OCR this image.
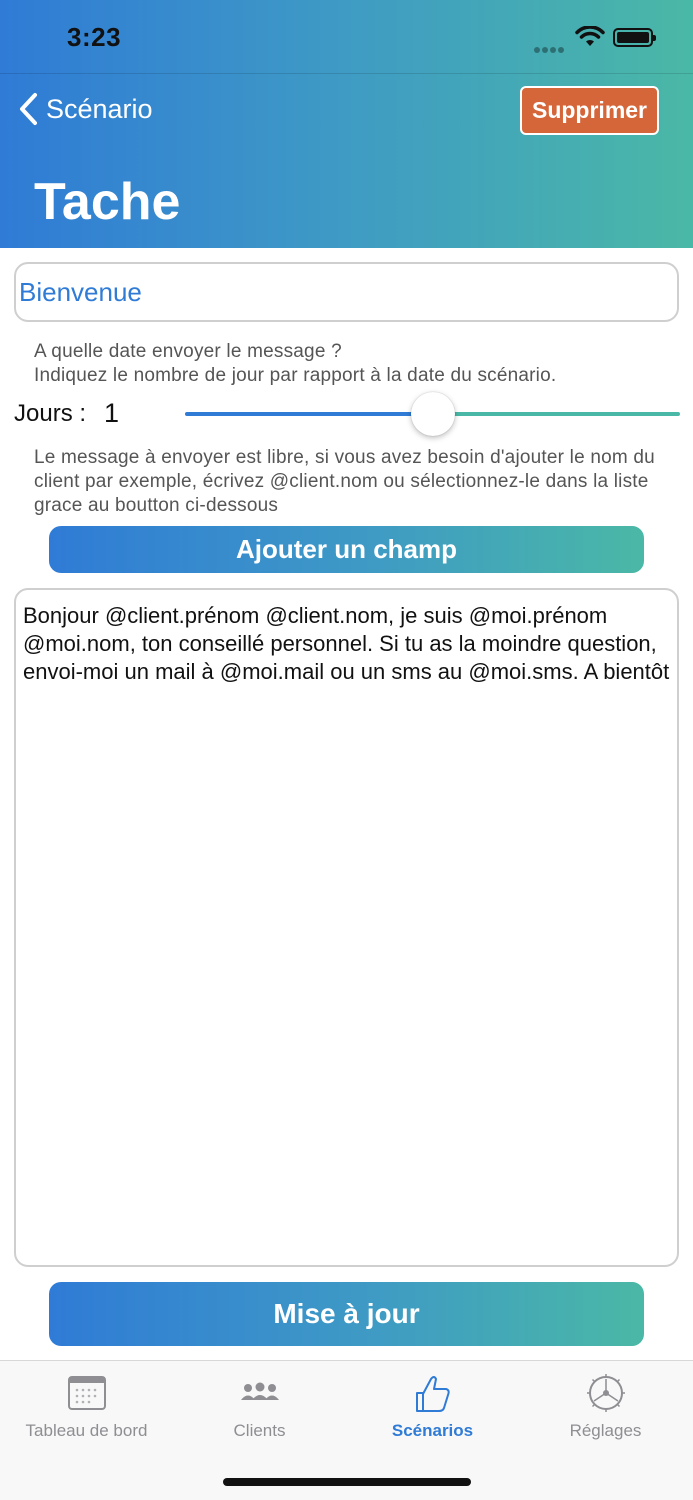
3:23
Scénario	Supprimer
Tache
Bienvenue
A quelle date envoyer le message ?
Indiquez le nombre de jour par rapport à la date du scénario.
Jours : 1
Le message à envoyer est libre, si vous avez besoin d'ajouter le nom du client par exemple, écrivez @client.nom ou sélectionnez-le dans la liste grace au boutton ci-dessous
Ajouter un champ
Bonjour @client.prénom @client.nom, je suis @moi.prénom @moi.nom, ton conseillé personnel. Si tu as la moindre question, envoi-moi un mail à @moi.mail ou un sms au @moi.sms. A bientôt
Mise à jour
Tableau de bord	Clients	Scénarios	Réglages
